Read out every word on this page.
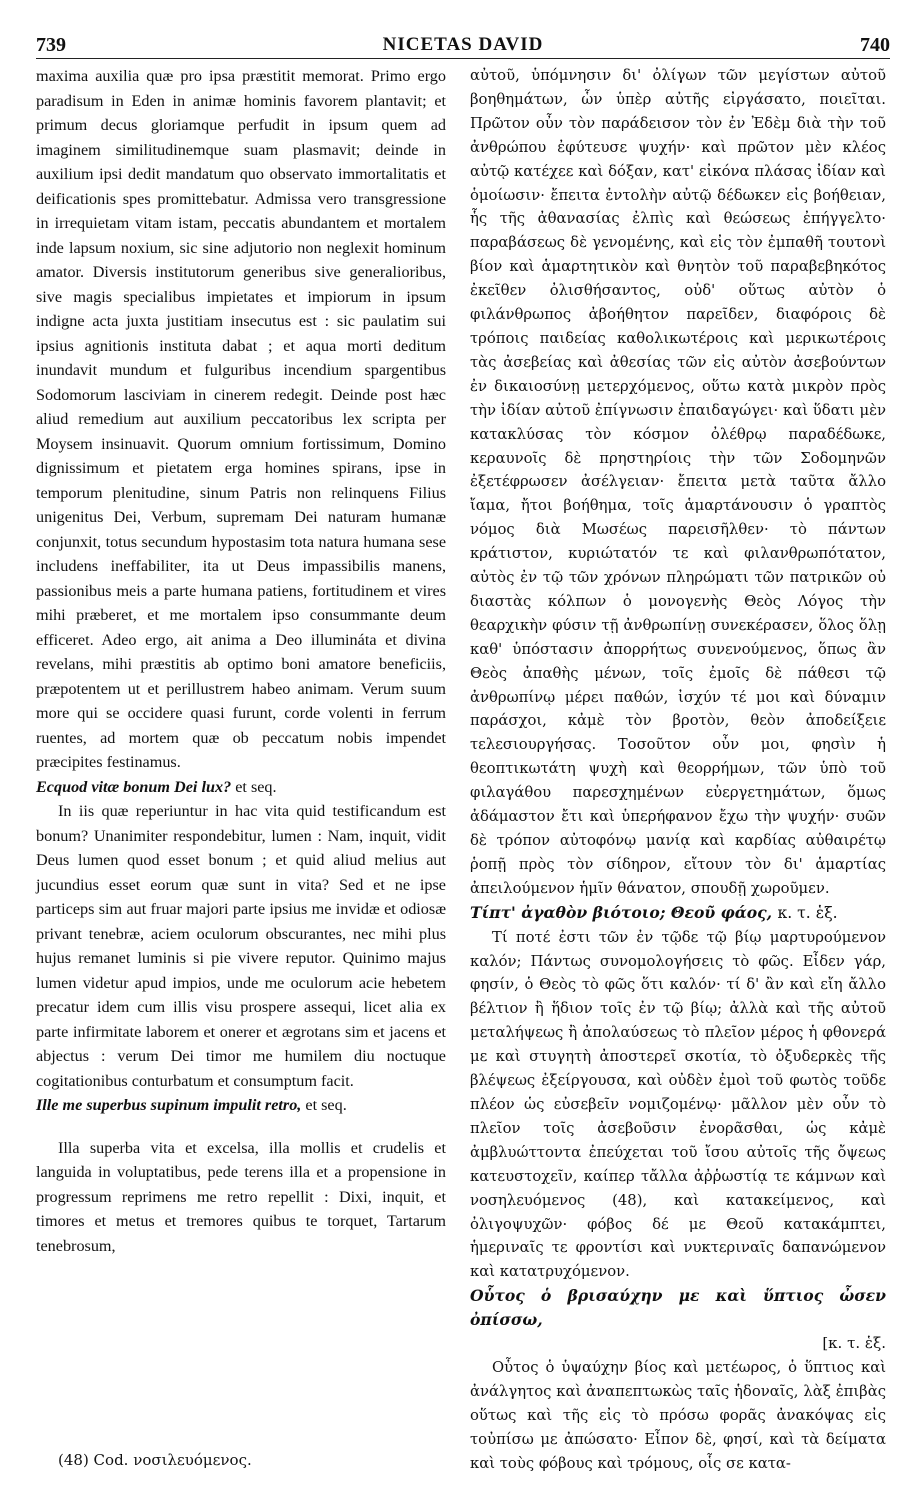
739	NICETAS DAVID	740

maxima auxilia quæ pro ipsa præstitit memorat. Primo ergo paradisum in Eden in animæ hominis favorem plantavit; et primum decus gloriamque perfudit in ipsum quem ad imaginem similitudinemque suam plasmavit; deinde in auxilium ipsi dedit mandatum quo observato immortalitatis et deificationis spes promittebatur. Admissa vero transgressione in irrequietam vitam istam, peccatis abundantem et mortalem inde lapsum noxium, sic sine adjutorio non neglexit hominum amator. Diversis institutorum generibus sive generalioribus, sive magis specialibus impietates et impiorum in ipsum indigne acta juxta justitiam insecutus est : sic paulatim sui ipsius agnitionis instituta dabat ; et aqua morti deditum inundavit mundum et fulguribus incendium spargentibus Sodomorum lasciviam in cinerem redegit. Deinde post hæc aliud remedium aut auxilium peccatoribus lex scripta per Moysem insinuavit. Quorum omnium fortissimum, Domino dignissimum et pietatem erga homines spirans, ipse in temporum plenitudine, sinum Patris non relinquens Filius unigenitus Dei, Verbum, supremam Dei naturam humanæ conjunxit, totus secundum hypostasim tota natura humana sese includens ineffabiliter, ita ut Deus impassibilis manens, passionibus meis a parte humana patiens, fortitudinem et vires mihi præberet, et me mortalem ipso consummante deum efficeret. Adeo ergo, ait anima a Deo illumináta et divina revelans, mihi præstitis ab optimo boni amatore beneficiis, præpotentem ut et perillustrem habeo animam. Verum suum more qui se occidere quasi furunt, corde volenti in ferrum ruentes, ad mortem quæ ob peccatum nobis impendet præcipites festinamus.

Ecquod vitæ bonum Dei lux? et seq.

In iis quæ reperiuntur in hac vita quid testificandum est bonum? Unanimiter respondebitur, lumen : Nam, inquit, vidit Deus lumen quod esset bonum ; et quid aliud melius aut jucundius esset eorum quæ sunt in vita? Sed et ne ipse particeps sim aut fruar majori parte ipsius me invidæ et odiosæ privant tenebræ, aciem oculorum obscurantes, nec mihi plus hujus remanet luminis si pie vivere reputor. Quinimo majus lumen videtur apud impios, unde me oculorum acie hebetem precatur idem cum illis visu prospere assequi, licet alia ex parte infirmitate laborem et onerer et ægrotans sim et jacens et abjectus : verum Dei timor me humilem diu noctuque cogitationibus conturbatum et consumptum facit.

Ille me superbus supinum impulit retro, et seq.

Illa superba vita et excelsa, illa mollis et crudelis et languida in voluptatibus, pede terens illa et a propensione in progressum reprimens me retro repellit : Dixi, inquit, et timores et metus et tremores quibus te torquet, Tartarum tenebrosum,

αὐτοῦ, ὑπόμνησιν δι' ὀλίγων τῶν μεγίστων αὐτοῦ βοηθημάτων, ὧν ὑπὲρ αὐτῆς εἰργάσατο, ποιεῖται. Πρῶτον οὖν τὸν παράδεισον τὸν ἐν Ἐδὲμ διὰ τὴν τοῦ ἀνθρώπου ἐφύτευσε ψυχήν· καὶ πρῶτον μὲν κλέος αὐτῷ κατέχεε καὶ δόξαν, κατ' εἰκόνα πλάσας ἰδίαν καὶ ὁμοίωσιν· ἔπειτα ἐντολὴν αὐτῷ δέδωκεν εἰς βοήθειαν, ἧς τῆς ἀθανασίας ἐλπὶς καὶ θεώσεως ἐπήγγελτο· παραβάσεως δὲ γενομένης, καὶ εἰς τὸν ἐμπαθῆ τουτονὶ βίον καὶ ἁμαρτητικὸν καὶ θνητὸν τοῦ παραβεβηκότος ἐκεῖθεν ὀλισθήσαντος, οὐδ' οὕτως αὐτὸν ὁ φιλάνθρωπος ἀβοήθητον παρεῖδεν, διαφόροις δὲ τρόποις παιδείας καθολικωτέροις καὶ μερικωτέροις τὰς ἀσεβείας καὶ ἀθεσίας τῶν εἰς αὐτὸν ἀσεβούντων ἐν δικαιοσύνῃ μετερχόμενος, οὕτω κατὰ μικρὸν πρὸς τὴν ἰδίαν αὐτοῦ ἐπίγνωσιν ἐπαιδαγώγει· καὶ ὕδατι μὲν κατακλύσας τὸν κόσμον ὀλέθρῳ παραδέδωκε, κεραυνοῖς δὲ πρηστηρίοις τὴν τῶν Σοδομηνῶν ἐξετέφρωσεν ἀσέλγειαν· ἔπειτα μετὰ ταῦτα ἄλλο ἴαμα, ἤτοι βοήθημα, τοῖς ἁμαρτάνουσιν ὁ γραπτὸς νόμος διὰ Μωσέως παρεισῆλθεν· τὸ πάντων κράτιστον, κυριώτατόν τε καὶ φιλανθρωπότατον, αὐτὸς ἐν τῷ τῶν χρόνων πληρώματι τῶν πατρικῶν οὐ διαστὰς κόλπων ὁ μονογενὴς Θεὸς Λόγος τὴν θεαρχικὴν φύσιν τῇ ἀνθρωπίνῃ συνεκέρασεν, ὅλος ὅλῃ καθ' ὑπόστασιν ἀπορρήτως συνενούμενος, ὅπως ἂν Θεὸς ἀπαθὴς μένων, τοῖς ἐμοῖς δὲ πάθεσι τῷ ἀνθρωπίνῳ μέρει παθών, ἰσχύν τέ μοι καὶ δύναμιν παράσχοι, κἀμὲ τὸν βροτὸν, θεὸν ἀποδείξειε τελεσιουργήσας. Τοσοῦτον οὖν μοι, φησὶν ἡ θεοπτικωτάτη ψυχὴ καὶ θεορρήμων, τῶν ὑπὸ τοῦ φιλαγάθου παρεσχημένων εὐεργετημάτων, ὅμως ἀδάμαστον ἔτι καὶ ὑπερήφανον ἔχω τὴν ψυχήν· συῶν δὲ τρόπον αὐτοφόνῳ μανίᾳ καὶ καρδίας αὐθαιρέτῳ ῥοπῇ πρὸς τὸν σίδηρον, εἴτουν τὸν δι' ἁμαρτίας ἀπειλούμενον ἡμῖν θάνατον, σπουδῇ χωροῦμεν.

Τίπτ' ἀγαθὸν βιότοιο; Θεοῦ φάος, κ. τ. ἑξ.

Τί ποτέ ἐστι τῶν ἐν τῷδε τῷ βίῳ μαρτυρούμενον καλόν; Πάντως συνομολογήσεις τὸ φῶς. Εἶδεν γάρ, φησίν, ὁ Θεὸς τὸ φῶς ὅτι καλόν· τί δ' ἂν καὶ εἴη ἄλλο βέλτιον ἢ ἥδιον τοῖς ἐν τῷ βίῳ; ἀλλὰ καὶ τῆς αὐτοῦ μεταλήψεως ἢ ἀπολαύσεως τὸ πλεῖον μέρος ἡ φθονερά με καὶ στυγητὴ ἀποστερεῖ σκοτία, τὸ ὀξυδερκὲς τῆς βλέψεως ἐξείργουσα, καὶ οὐδὲν ἐμοὶ τοῦ φωτὸς τοῦδε πλέον ὡς εὐσεβεῖν νομιζομένῳ· μᾶλλον μὲν οὖν τὸ πλεῖον τοῖς ἀσεβοῦσιν ἐνορᾶσθαι, ὡς κἀμὲ ἀμβλυώττοντα ἐπεύχεται τοῦ ἴσου αὐτοῖς τῆς ὄψεως κατευστοχεῖν, καίπερ τἄλλα ἀῤῥωστίᾳ τε κάμνων καὶ νοσηλευόμενος (48), καὶ κατακείμενος, καὶ ὀλιγοψυχῶν· φόβος δέ με Θεοῦ κατακάμπτει, ἡμεριναῖς τε φροντίσι καὶ νυκτεριναῖς δαπανώμενον καὶ κατατρυχόμενον.

Οὗτος ὁ βρισαύχην με καὶ ὕπτιος ὦσεν ὀπίσσω,

[κ. τ. ἑξ.

Οὗτος ὁ ὑψαύχην βίος καὶ μετέωρος, ὁ ὕπτιος καὶ ἀνάλγητος καὶ ἀναπεπτωκὼς ταῖς ἡδοναῖς, λὰξ ἐπιβὰς οὕτως καὶ τῆς εἰς τὸ πρόσω φορᾶς ἀνακόψας εἰς τοὐπίσω με ἀπώσατο· Εἶπον δὲ, φησί, καὶ τὰ δείματα καὶ τοὺς φόβους καὶ τρόμους, οἷς σε κατα-

(48) Cod. νοσιλευόμενος.
